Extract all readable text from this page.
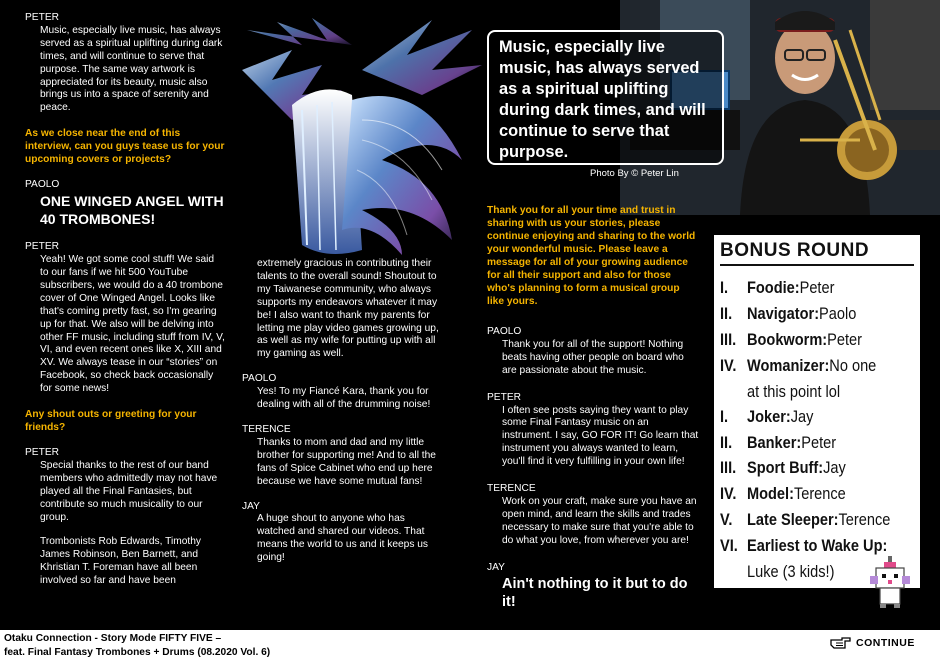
Music, especially live music, has always served as a spiritual uplifting during dark times, and will continue to serve that purpose.

Photo By © Peter Lin
PETER
Music, especially live music, has always served as a spiritual uplifting during dark times, and will continue to serve that purpose. The same way artwork is appreciated for its beauty, music also brings us into a space of serenity and peace.
As we close near the end of this interview, can you guys tease us for your upcoming covers or projects?
PAOLO
ONE WINGED ANGEL WITH 40 TROMBONES!
PETER
Yeah! We got some cool stuff! We said to our fans if we hit 500 YouTube subscribers, we would do a 40 trombone cover of One Winged Angel. Looks like that's coming pretty fast, so I'm gearing up for that. We also will be delving into other FF music, including stuff from IV, V, VI, and even recent ones like X, XIII and XV. We always tease in our “stories” on Facebook, so check back occasionally for some news!
Any shout outs or greeting for your friends?
PETER
Special thanks to the rest of our band members who admittedly may not have played all the Final Fantasies, but contribute so much musicality to our group.
Trombonists Rob Edwards, Timothy James Robinson, Ben Barnett, and Khristian T. Foreman have all been involved so far and have been
extremely gracious in contributing their talents to the overall sound! Shoutout to my Taiwanese community, who always supports my endeavors whatever it may be! I also want to thank my parents for letting me play video games growing up, as well as my wife for putting up with all my gaming as well.
PAOLO
Yes! To my Fiancé Kara, thank you for dealing with all of the drumming noise!
TERENCE
Thanks to mom and dad and my little brother for supporting me! And to all the fans of Spice Cabinet who end up here because we have some mutual fans!
JAY
A huge shout to anyone who has watched and shared our videos. That means the world to us and it keeps us going!
Thank you for all your time and trust in sharing with us your stories, please continue enjoying and sharing to the world your wonderful music. Please leave a message for all of your growing audience for all their support and also for those who's planning to form a musical group like yours.
PAOLO
Thank you for all of the support! Nothing beats having other people on board who are passionate about the music.
PETER
I often see posts saying they want to play some Final Fantasy music on an instrument. I say, GO FOR IT! Go learn that instrument you always wanted to learn, you'll find it very fulfilling in your own life!
TERENCE
Work on your craft, make sure you have an open mind, and learn the skills and trades necessary to make sure that you're able to do what you love, from wherever you are!
JAY
Ain't nothing to it but to do it!
BONUS ROUND
I.	Foodie: Peter
II. Navigator: Paolo
III. Bookworm: Peter
IV. Womanizer: No one
at this point lol
I.	Joker: Jay
II. Banker: Peter
III. Sport Buff: Jay
IV. Model: Terence
V. Late Sleeper: Terence
VI. Earliest to Wake Up:
Luke (3 kids!)
Otaku Connection - Story Mode FIFTY FIVE –
feat. Final Fantasy Trombones + Drums (08.2020 Vol. 6)
CONTINUE
